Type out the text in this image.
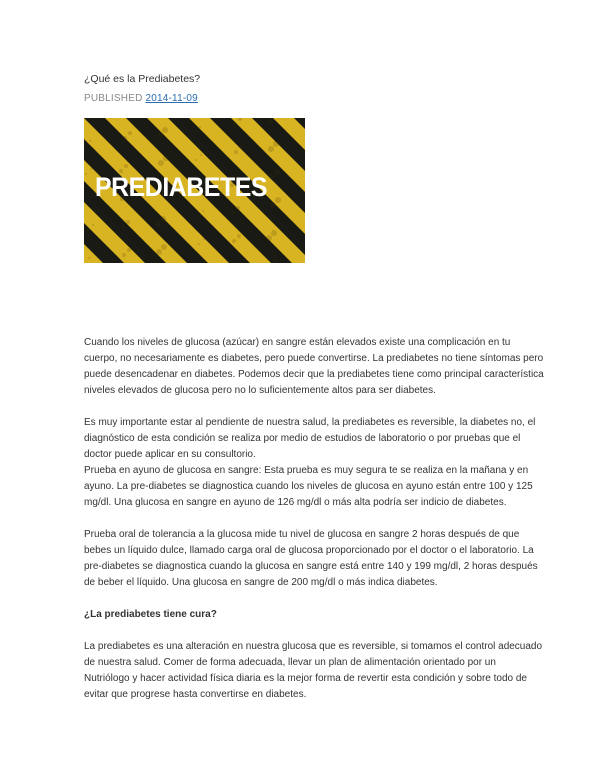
¿Qué es la Prediabetes?
PUBLISHED 2014-11-09
PREDIABETES

Cuando los niveles de glucosa (azúcar) en sangre están elevados existe una complicación en tu cuerpo, no necesariamente es diabetes, pero puede convertirse. La prediabetes no tiene síntomas pero puede desencadenar en diabetes. Podemos decir que la prediabetes tiene como principal característica niveles elevados de glucosa pero no lo suficientemente altos para ser diabetes.

Es muy importante estar al pendiente de nuestra salud, la prediabetes es reversible, la diabetes no, el diagnóstico de esta condición se realiza por medio de estudios de laboratorio o por pruebas que el doctor puede aplicar en su consultorio.

Prueba en ayuno de glucosa en sangre: Esta prueba es muy segura te se realiza en la mañana y en ayuno. La pre-diabetes se diagnostica cuando los niveles de glucosa en ayuno están entre 100 y 125 mg/dl. Una glucosa en sangre en ayuno de 126 mg/dl o más alta podría ser indicio de diabetes.

Prueba oral de tolerancia a la glucosa mide tu nivel de glucosa en sangre 2 horas después de que bebes un líquido dulce, llamado carga oral de glucosa proporcionado por el doctor o el laboratorio. La pre-diabetes se diagnostica cuando la glucosa en sangre está entre 140 y 199 mg/dl, 2 horas después de beber el líquido. Una glucosa en sangre de 200 mg/dl o más indica diabetes.

¿La prediabetes tiene cura?

La prediabetes es una alteración en nuestra glucosa que es reversible, si tomamos el control adecuado de nuestra salud. Comer de forma adecuada, llevar un plan de alimentación orientado por un Nutriólogo y hacer actividad física diaria es la mejor forma de revertir esta condición y sobre todo de evitar que progrese hasta convertirse en diabetes.
